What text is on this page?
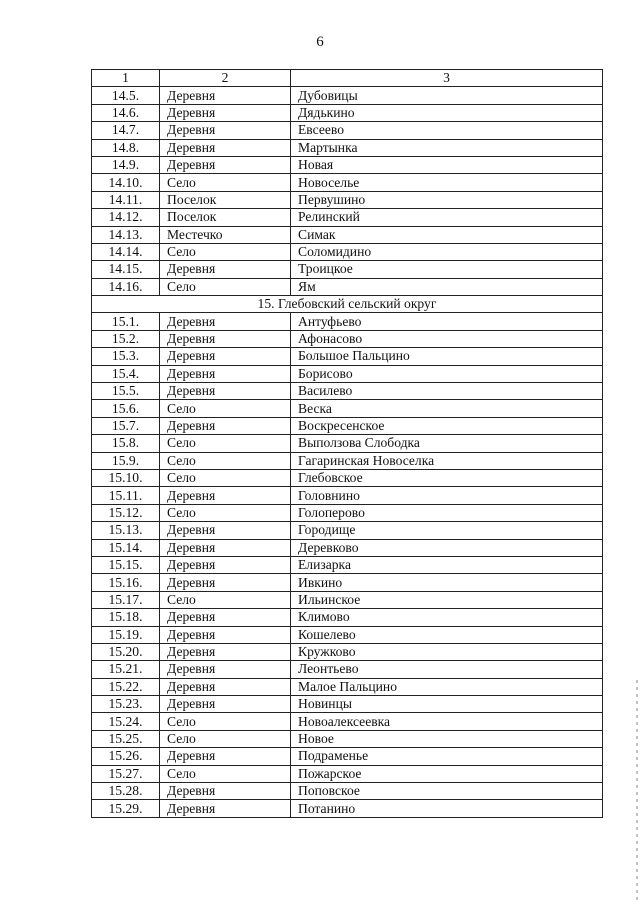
6
1	2	3
14.5.	Деревня	Дубовицы
14.6.	Деревня	Дядькино
14.7.	Деревня	Евсеево
14.8.	Деревня	Мартынка
14.9.	Деревня	Новая
14.10.	Село	Новоселье
14.11.	Поселок	Первушино
14.12.	Поселок	Релинский
14.13.	Местечко	Симак
14.14.	Село	Соломидино
14.15.	Деревня	Троицкое
14.16.	Село	Ям
15. Глебовский сельский округ		
15.1.	Деревня	Антуфьево
15.2.	Деревня	Афонасово
15.3.	Деревня	Большое Пальцино
15.4.	Деревня	Борисово
15.5.	Деревня	Василево
15.6.	Село	Веска
15.7.	Деревня	Воскресенское
15.8.	Село	Выползова Слободка
15.9.	Село	Гагаринская Новоселка
15.10.	Село	Глебовское
15.11.	Деревня	Головнино
15.12.	Село	Голоперово
15.13.	Деревня	Городище
15.14.	Деревня	Деревково
15.15.	Деревня	Елизарка
15.16.	Деревня	Ивкино
15.17.	Село	Ильинское
15.18.	Деревня	Климово
15.19.	Деревня	Кошелево
15.20.	Деревня	Кружково
15.21.	Деревня	Леонтьево
15.22.	Деревня	Малое Пальцино
15.23.	Деревня	Новинцы
15.24.	Село	Новоалексеевка
15.25.	Село	Новое
15.26.	Деревня	Подраменье
15.27.	Село	Пожарское
15.28.	Деревня	Поповское
15.29.	Деревня	Потанино
